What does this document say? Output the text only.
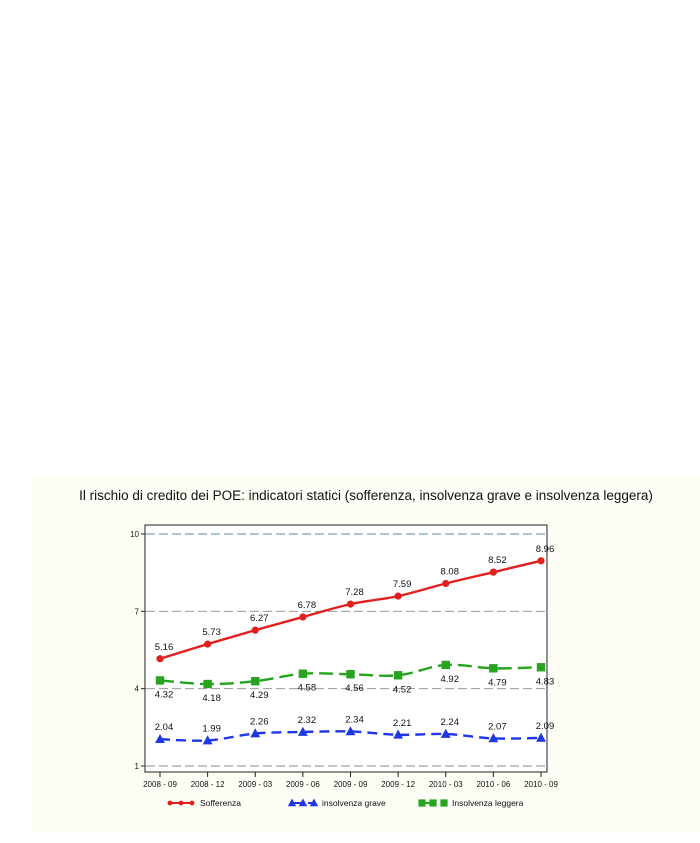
Il rischio di credito dei POE: indicatori statici (sofferenza, insolvenza grave e insolvenza leggera)
1
4
7
10
2008 - 09 2008 - 12 2009 - 03 2009 - 06 2009 - 09 2009 - 12 2010 - 03 2010 - 06 2010 - 09
5.16
5.73
6.27
6.78
7.28
7.59
8.08
8.52
8.96
2.04	1.99
2.26	2.32	2.34	2.21	2.24	2.07	2.09
4.32	4.18	4.29
4.58	4.56	4.52
4.92	4.79	4.83
Sofferenza	insolvenza grave	Insolvenza leggera
